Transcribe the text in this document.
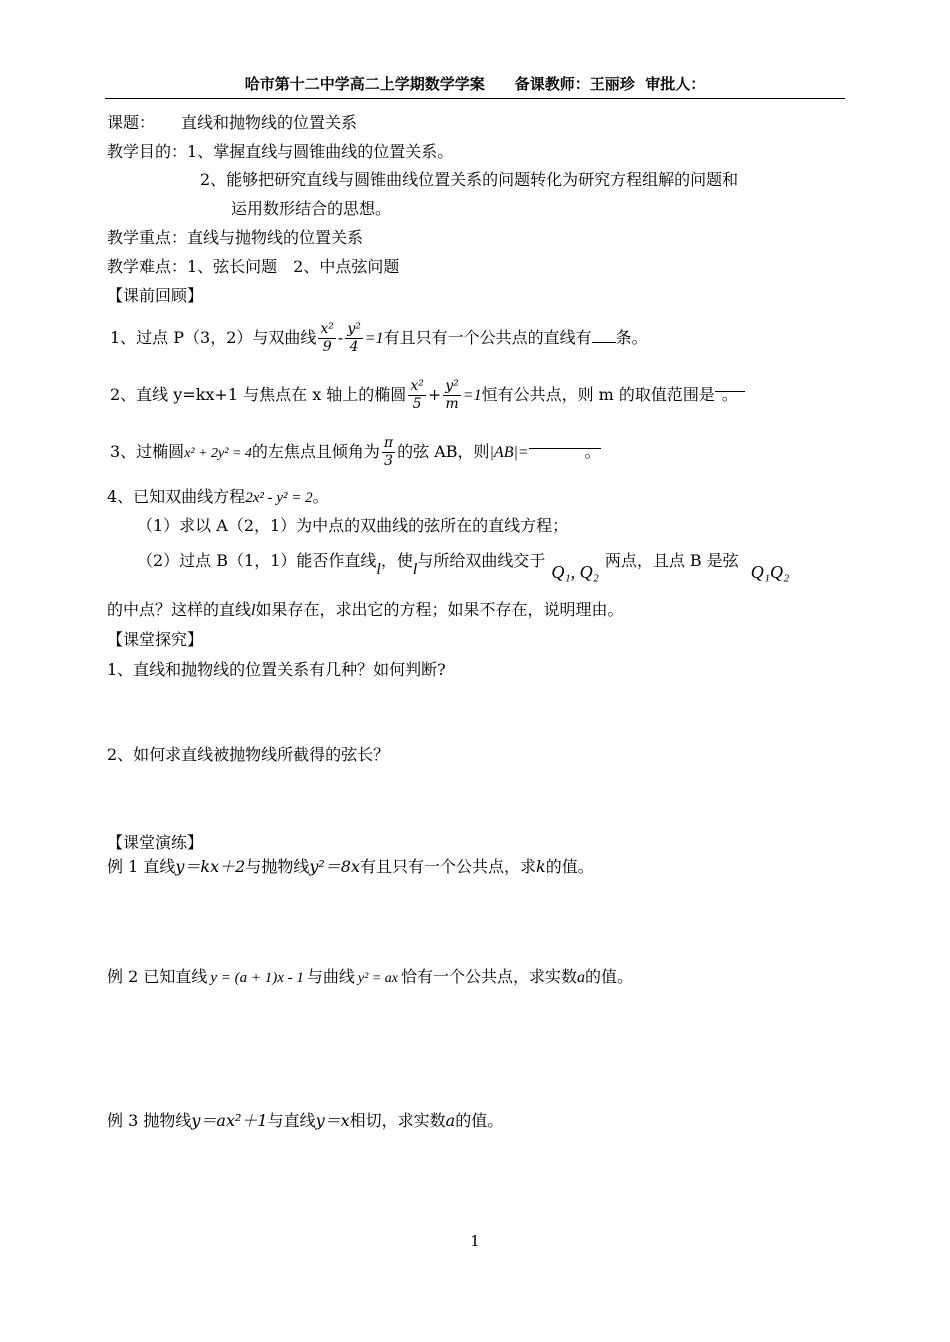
哈市第十二中学高二上学期数学学案　　备课教师：王丽珍  审批人：
课题： 直线和抛物线的位置关系
教学目的：1、掌握直线与圆锥曲线的位置关系。
2、能够把研究直线与圆锥曲线位置关系的问题转化为研究方程组解的问题和
运用数形结合的思想。
教学重点：直线与抛物线的位置关系
教学难点：1、弦长问题　2、中点弦问题
【课前回顾】
1、过点 P（3，2）与双曲线 $\frac{\text{x²}}{9} - \frac{\text{y²}}{4} =1$有且只有一个公共点的直线有 条。
2、直线 y=kx+1 与焦点在 x 轴上的椭圆 $\frac{\text{x²}}{5} + \frac{\text{y²}}{m} =1$恒有公共点，则 m 的取值范围是 。
3、过椭圆x² + 2y² = 4的左焦点且倾角为 $\frac{\pi}{3}$ 的弦 AB，则|AB|=	。
4、已知双曲线方程2x² - y² = 2。
（1）求以 A（2，1）为中点的双曲线的弦所在的直线方程；
（2）过点 B（1，1）能否作直线l，使l与所给双曲线交于Q₁, Q₂两点，且点 B 是弦Q₁Q₂
的中点？这样的直线l如果存在，求出它的方程；如果不存在，说明理由。
【课堂探究】
1、直线和抛物线的位置关系有几种？如何判断?
2、如何求直线被抛物线所截得的弦长？
【课堂演练】
例 1 直线y＝kx＋2与抛物线y²＝8x有且只有一个公共点，求k的值。
例 2 已知直线 y = (a + 1)x - 1 与曲线 y² = ax 恰有一个公共点，求实数a的值。
例 3 抛物线y＝ax²＋1与直线y＝x相切，求实数a的值。
1
